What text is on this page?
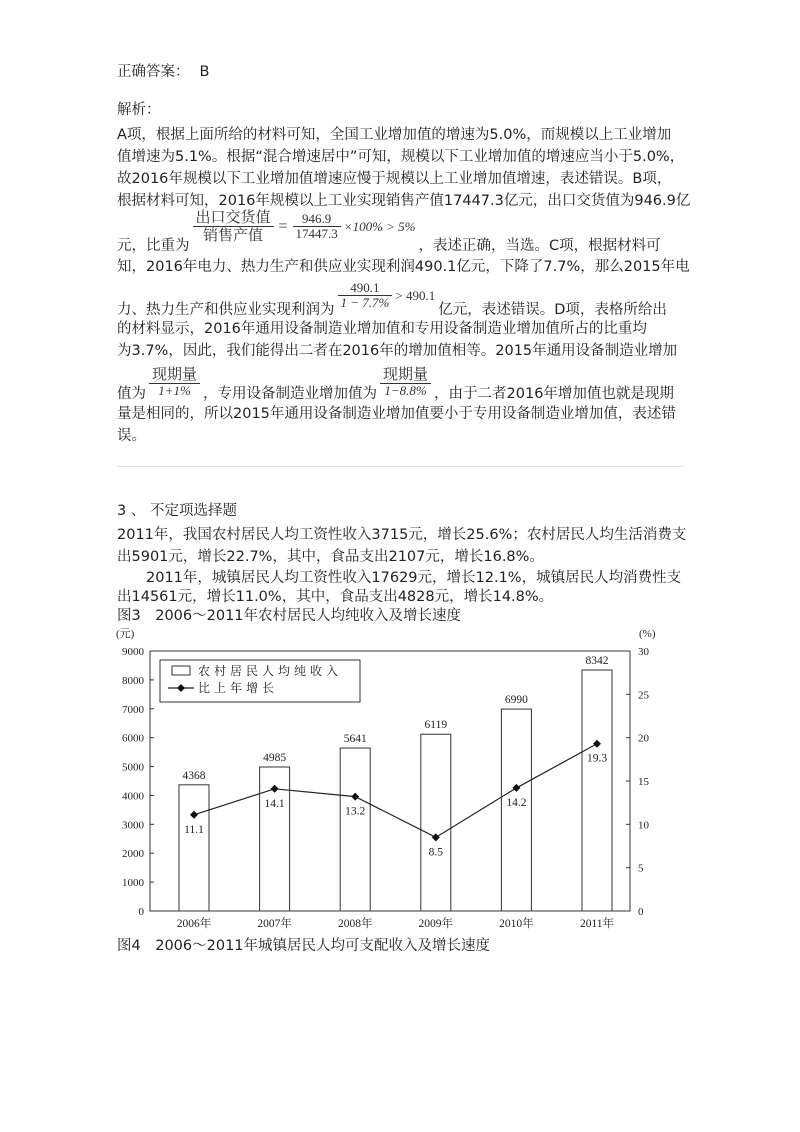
正确答案： B
解析：
A项，根据上面所给的材料可知，全国工业增加值的增速为5.0%，而规模以上工业增加
值增速为5.1%。根据“混合增速居中”可知，规模以下工业增加值的增速应当小于5.0%，
故2016年规模以下工业增加值增速应慢于规模以上工业增加值增速，表述错误。B项，
根据材料可知，2016年规模以上工业实现销售产值17447.3亿元，出口交货值为946.9亿
元，比重为
$\frac{\text{出口交货值}}{\text{销售产值}} = \frac{946.9}{17447.3} \times 100\% > 5\%$
，表述正确，当选。C项，根据材料可
知，2016年电力、热力生产和供应业实现利润490.1亿元，下降了7.7%，那么2015年电
力、热力生产和供应业实现利润为 $\frac{490.1}{1 - 7.7\%} > 490.1$
亿元，表述错误。D项，表格所给出
的材料显示，2016年通用设备制造业增加值和专用设备制造业增加值所占的比重均
为3.7%，因此，我们能得出二者在2016年的增加值相等。2015年通用设备制造业增加
值为 $\frac{\text{现期量}}{1+1\%}$ ，专用设备制造业增加值为 $\frac{\text{现期量}}{1-8.8\%}$ ，由于二者2016年增加值也就是现期
量是相同的，所以2015年通用设备制造业增加值要小于专用设备制造业增加值，表述错
误。
3 、 不定项选择题
2011年，我国农村居民人均工资性收入3715元，增长25.6%；农村居民人均生活消费支
出5901元，增长22.7%，其中，食品支出2107元，增长16.8%。
　　2011年，城镇居民人均工资性收入17629元，增长12.1%，城镇居民人均消费性支
出14561元，增长11.0%，其中，食品支出4828元，增长14.8%。
图3　2006～2011年农村居民人均纯收入及增长速度
(元)	(%)
9000
8000
7000
6000
5000
4000
3000
2000
1000
0
30
25
20
15
10
5
0
2006年	2007年	2008年	2009年	2010年	2011年
4368
4985
5641
6119
6990
8342
11.1
14.1
13.2
8.5
14.2
19.3
农村居民人均纯收入
比上年增长
图4　2006～2011年城镇居民人均可支配收入及增长速度
